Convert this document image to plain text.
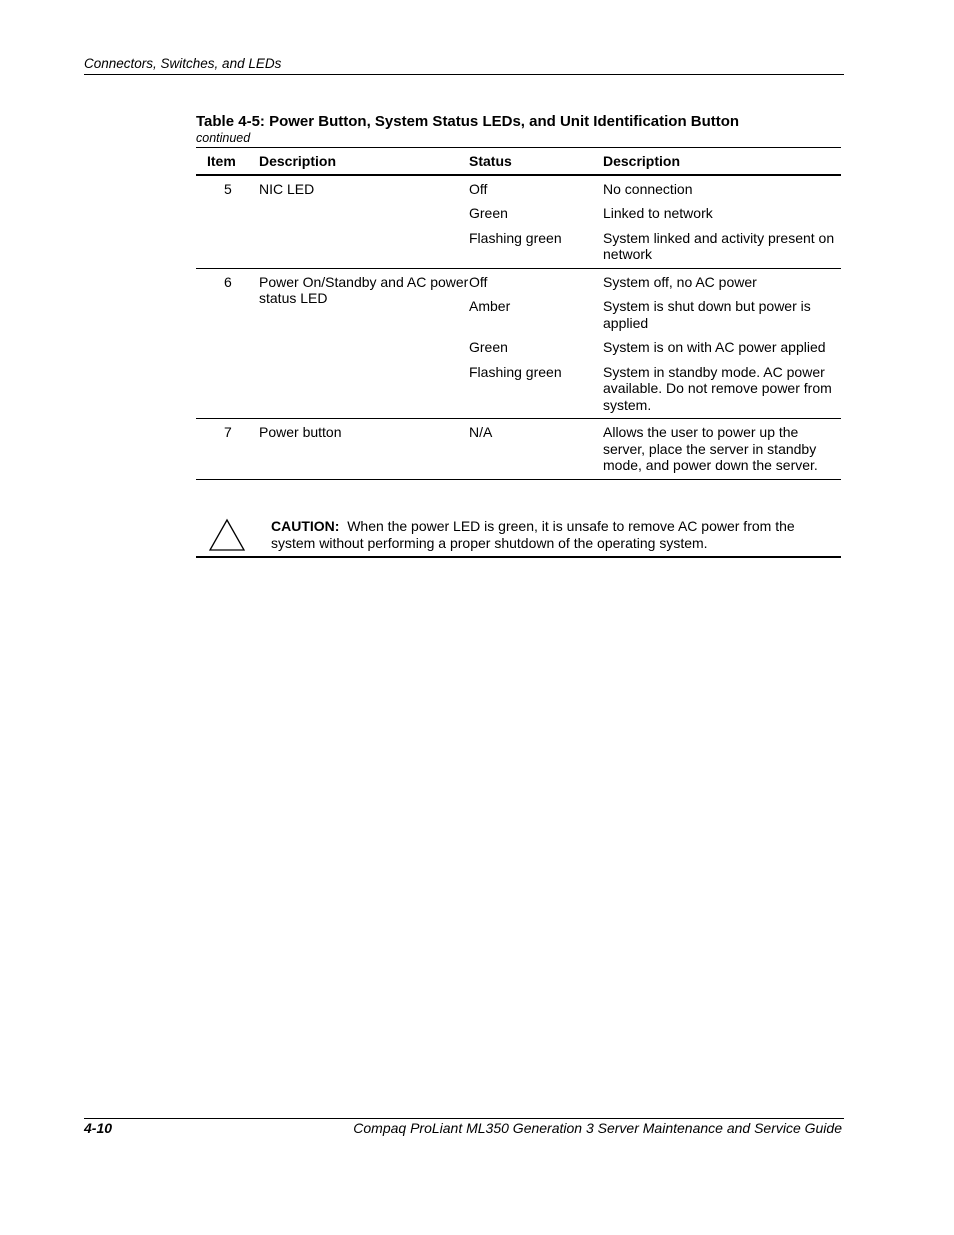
Connectors, Switches, and LEDs
Table 4-5: Power Button, System Status LEDs, and Unit Identification Button
continued
Item	Description	Status	Description
5	NIC LED	Off	No connection
		Green	Linked to network
		Flashing green	System linked and activity present on network
6	Power On/Standby and AC power status LED	Off	System off, no AC power
		Amber	System is shut down but power is applied
		Green	System is on with AC power applied
		Flashing green	System in standby mode. AC power available. Do not remove power from system.
7	Power button	N/A	Allows the user to power up the server, place the server in standby mode, and power down the server.
CAUTION: When the power LED is green, it is unsafe to remove AC power from the system without performing a proper shutdown of the operating system.
4-10	Compaq ProLiant ML350 Generation 3 Server Maintenance and Service Guide
